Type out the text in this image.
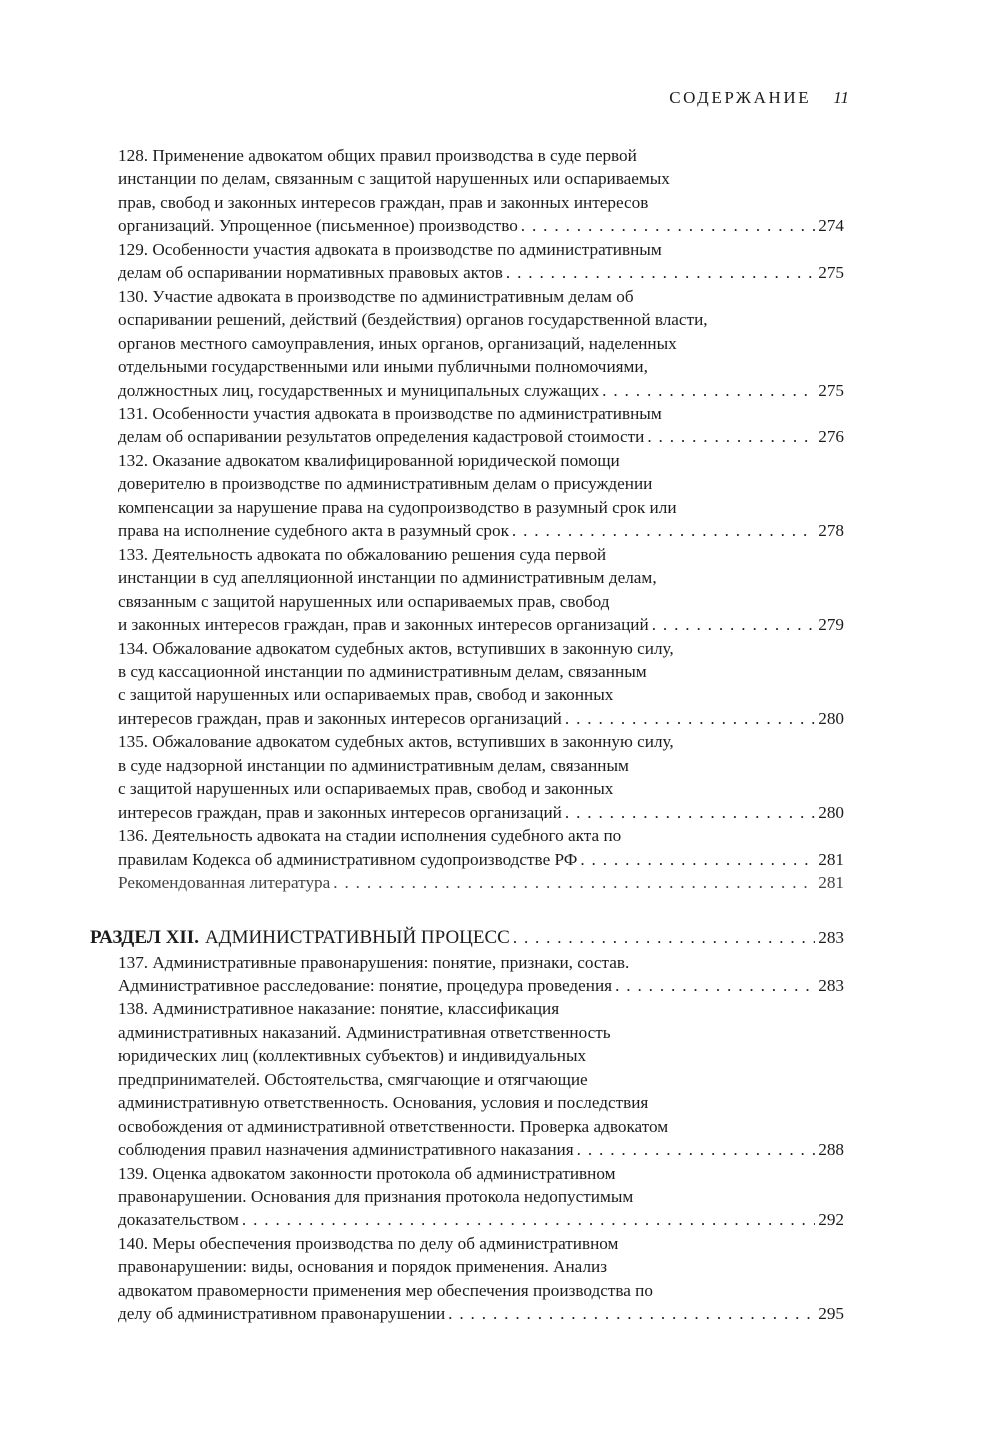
СОДЕРЖАНИЕ 11
128. Применение адвокатом общих правил производства в суде первой
инстанции по делам, связанным с защитой нарушенных или оспариваемых
прав, свобод и законных интересов граждан, прав и законных интересов
организаций. Упрощенное (письменное) производство . . .	274
129. Особенности участия адвоката в производстве по административным
делам об оспаривании нормативных правовых актов . . .	275
130. Участие адвоката в производстве по административным делам об
оспаривании решений, действий (бездействия) органов государственной власти,
органов местного самоуправления, иных органов, организаций, наделенных
отдельными государственными или иными публичными полномочиями,
должностных лиц, государственных и муниципальных служащих . . .	275
131. Особенности участия адвоката в производстве по административным
делам об оспаривании результатов определения кадастровой стоимости . . .	276
132. Оказание адвокатом квалифицированной юридической помощи
доверителю в производстве по административным делам о присуждении
компенсации за нарушение права на судопроизводство в разумный срок или
права на исполнение судебного акта в разумный срок . . .	278
133. Деятельность адвоката по обжалованию решения суда первой
инстанции в суд апелляционной инстанции по административным делам,
связанным с защитой нарушенных или оспариваемых прав, свобод
и законных интересов граждан, прав и законных интересов организаций . . .	279
134. Обжалование адвокатом судебных актов, вступивших в законную силу,
в суд кассационной инстанции по административным делам, связанным
с защитой нарушенных или оспариваемых прав, свобод и законных
интересов граждан, прав и законных интересов организаций . . .	280
135. Обжалование адвокатом судебных актов, вступивших в законную силу,
в суде надзорной инстанции по административным делам, связанным
с защитой нарушенных или оспариваемых прав, свобод и законных
интересов граждан, прав и законных интересов организаций . . .	280
136. Деятельность адвоката на стадии исполнения судебного акта по
правилам Кодекса об административном судопроизводстве РФ . . .	281
Рекомендованная литература . . .	281
РАЗДЕЛ XII. АДМИНИСТРАТИВНЫЙ ПРОЦЕСС . . .	283
137. Административные правонарушения: понятие, признаки, состав.
Административное расследование: понятие, процедура проведения . . .	283
138. Административное наказание: понятие, классификация
административных наказаний. Административная ответственность
юридических лиц (коллективных субъектов) и индивидуальных
предпринимателей. Обстоятельства, смягчающие и отягчающие
административную ответственность. Основания, условия и последствия
освобождения от административной ответственности. Проверка адвокатом
соблюдения правил назначения административного наказания . . .	288
139. Оценка адвокатом законности протокола об административном
правонарушении. Основания для признания протокола недопустимым
доказательством . . .	292
140. Меры обеспечения производства по делу об административном
правонарушении: виды, основания и порядок применения. Анализ
адвокатом правомерности применения мер обеспечения производства по
делу об административном правонарушении . . .	295
